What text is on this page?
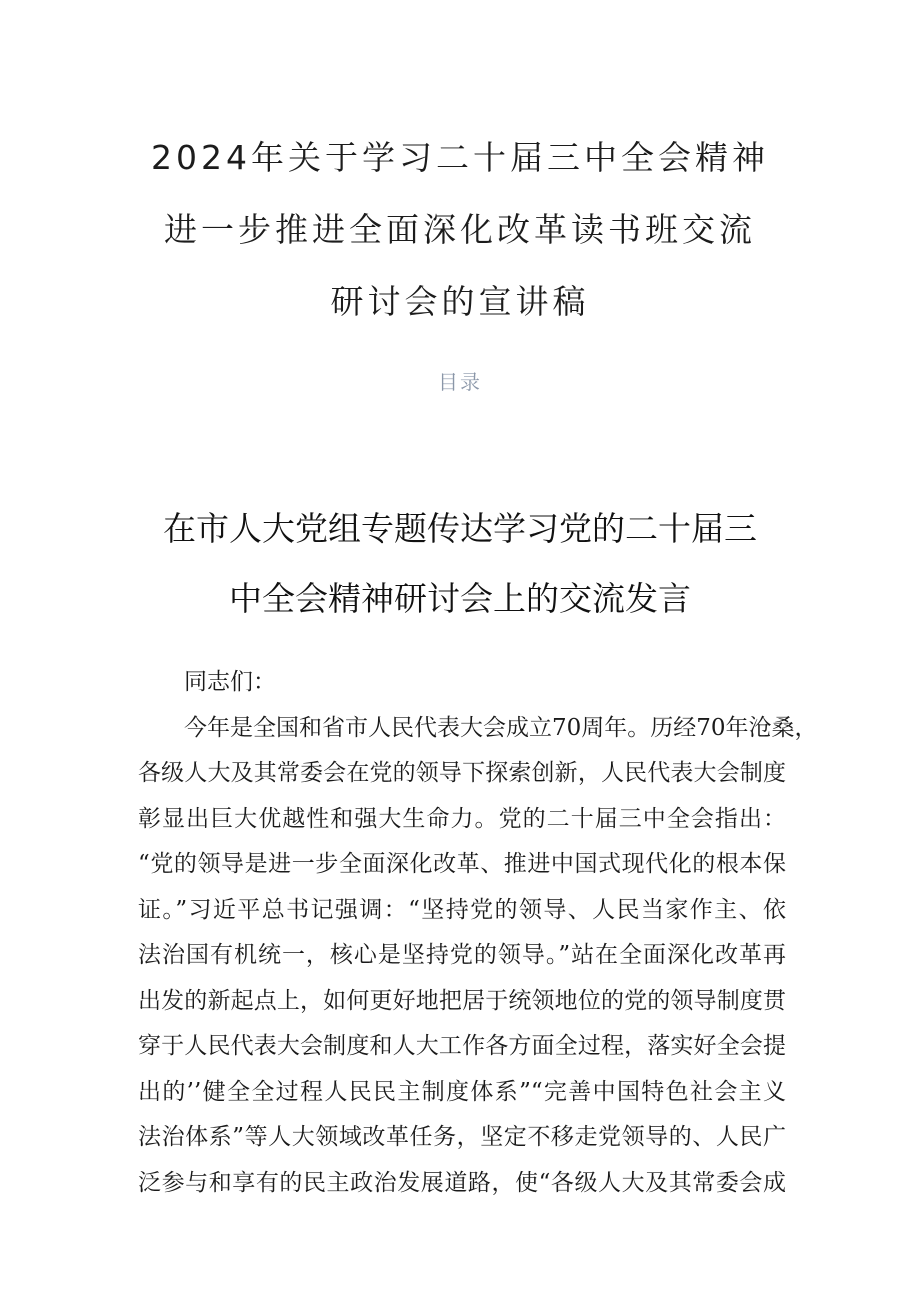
2024年关于学习二十届三中全会精神
进一步推进全面深化改革读书班交流
研讨会的宣讲稿
目录
在市人大党组专题传达学习党的二十届三
中全会精神研讨会上的交流发言
同志们：
今年是全国和省市人民代表大会成立70周年。历经70年沧桑，
各级人大及其常委会在党的领导下探索创新，人民代表大会制度
彰显出巨大优越性和强大生命力。党的二十届三中全会指出：
“党的领导是进一步全面深化改革、推进中国式现代化的根本保
证。”习近平总书记强调：“坚持党的领导、人民当家作主、依
法治国有机统一，核心是坚持党的领导。”站在全面深化改革再
出发的新起点上，如何更好地把居于统领地位的党的领导制度贯
穿于人民代表大会制度和人大工作各方面全过程，落实好全会提
出的’’健全全过程人民民主制度体系”“完善中国特色社会主义
法治体系”等人大领域改革任务，坚定不移走党领导的、人民广
泛参与和享有的民主政治发展道路，使“各级人大及其常委会成
